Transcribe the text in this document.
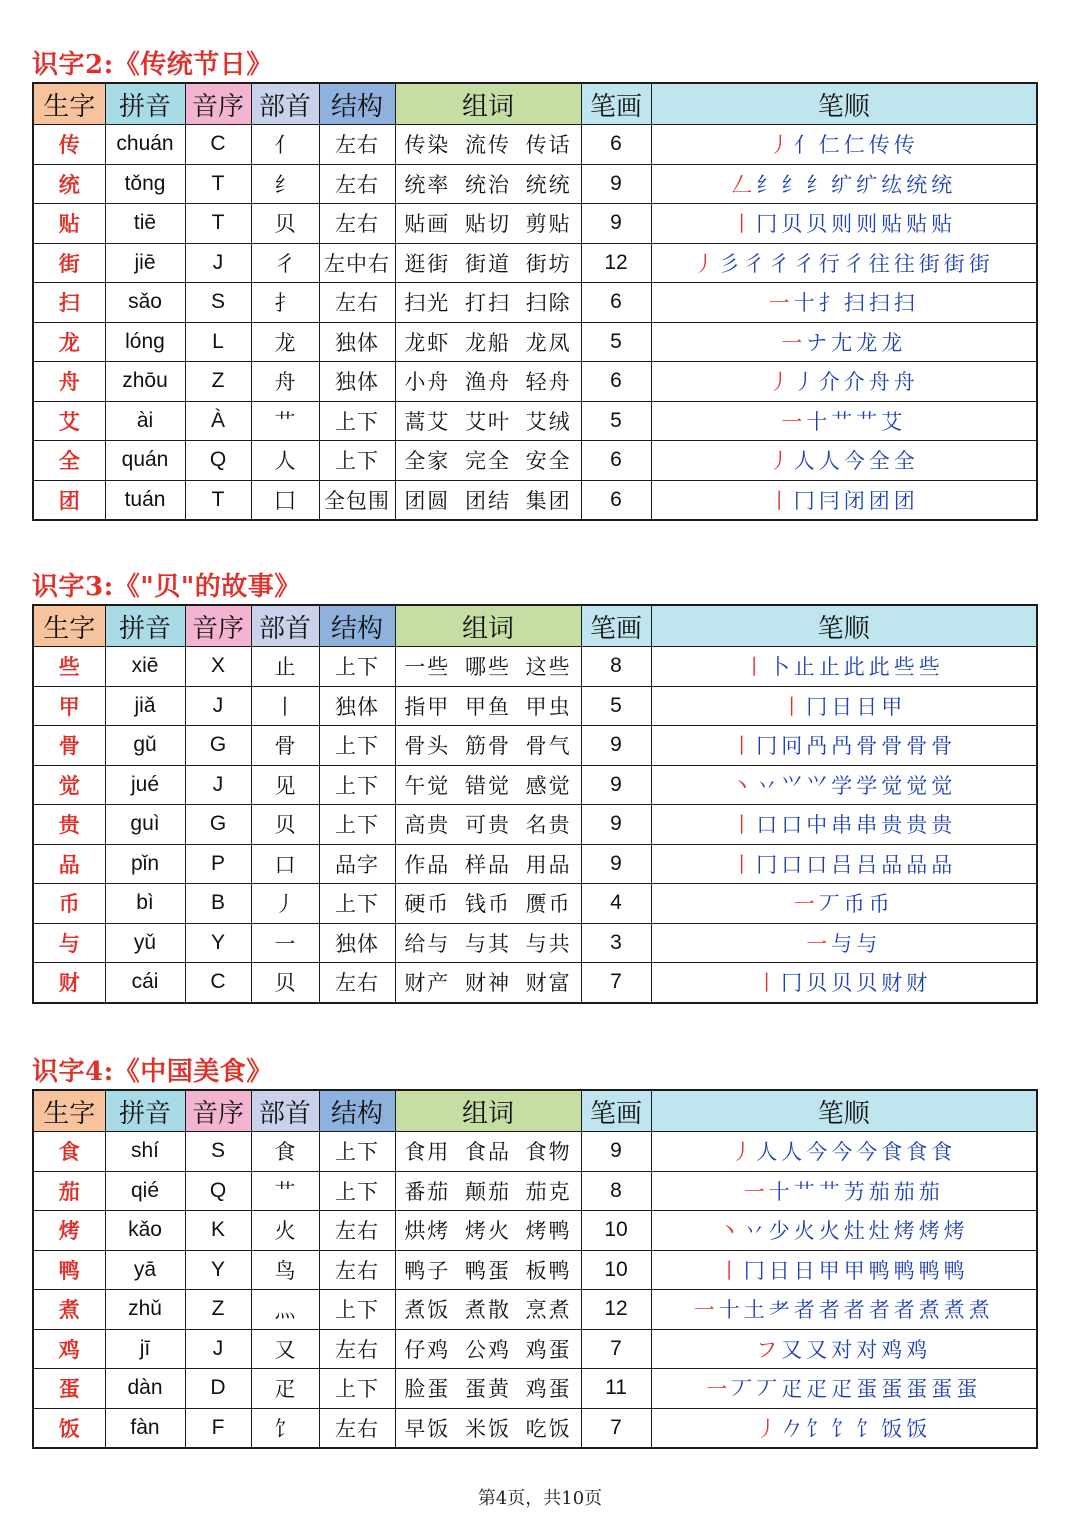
识字2:《传统节日》
生字	拼音	音序	部首	结构	组词	笔画	笔顺
传	chuán	C	亻	左右	传染 流传 传话	6	丿亻仁仁传传
统	tǒng	T	纟	左右	统率 统治 统统	9	𠃋纟纟纟纩纩纮统统
贴	tiē	T	贝	左右	贴画 贴切 剪贴	9	丨冂贝贝则则贴贴贴
街	jiē	J	彳	左中右	逛街 街道 街坊	12	丿彡彳彳彳行彳往往街街街
扫	sǎo	S	扌	左右	扫光 打扫 扫除	6	一十扌扫扫扫
龙	lóng	L	龙	独体	龙虾 龙船 龙凤	5	一ナ尢龙龙
舟	zhōu	Z	舟	独体	小舟 渔舟 轻舟	6	丿丿介介舟舟
艾	ài	À	艹	上下	蒿艾 艾叶 艾绒	5	一十艹艹艾
全	quán	Q	人	上下	全家 完全 安全	6	丿人人今全全
团	tuán	T	囗	全包围	团圆 团结 集团	6	丨冂冃闭团团
识字3:《"贝"的故事》
生字	拼音	音序	部首	结构	组词	笔画	笔顺
些	xiē	X	止	上下	一些 哪些 这些	8	丨卜止止此此些些
甲	jiǎ	J	丨	独体	指甲 甲鱼 甲虫	5	丨冂日日甲
骨	gǔ	G	骨	上下	骨头 筋骨 骨气	9	丨冂冋冎冎骨骨骨骨
觉	jué	J	见	上下	午觉 错觉 感觉	9	丶丷⺍⺍学学觉觉觉
贵	guì	G	贝	上下	高贵 可贵 名贵	9	丨口口中串串贵贵贵
品	pǐn	P	口	品字	作品 样品 用品	9	丨冂口口吕吕品品品
币	bì	B	丿	上下	硬币 钱币 赝币	4	一丆币币
与	yǔ	Y	一	独体	给与 与其 与共	3	一与与
财	cái	C	贝	左右	财产 财神 财富	7	丨冂贝贝贝财财
识字4:《中国美食》
生字	拼音	音序	部首	结构	组词	笔画	笔顺
食	shí	S	食	上下	食用 食品 食物	9	丿人人今今今食食食
茄	qié	Q	艹	上下	番茄 颠茄 茄克	8	一十艹艹艻茄茄茄
烤	kǎo	K	火	左右	烘烤 烤火 烤鸭	10	丶丷少火火灶灶烤烤烤
鸭	yā	Y	鸟	左右	鸭子 鸭蛋 板鸭	10	丨冂日日甲甲鸭鸭鸭鸭
煮	zhǔ	Z	灬	上下	煮饭 煮散 烹煮	12	一十土耂者者者者者煮煮煮
鸡	jī	J	又	左右	仔鸡 公鸡 鸡蛋	7	フ又又对对鸡鸡
蛋	dàn	D	疋	上下	脸蛋 蛋黄 鸡蛋	11	一丆丆疋疋疋蛋蛋蛋蛋蛋
饭	fàn	F	饣	左右	早饭 米饭 吃饭	7	丿𠂊饣饣饣饭饭
第4页，共10页
